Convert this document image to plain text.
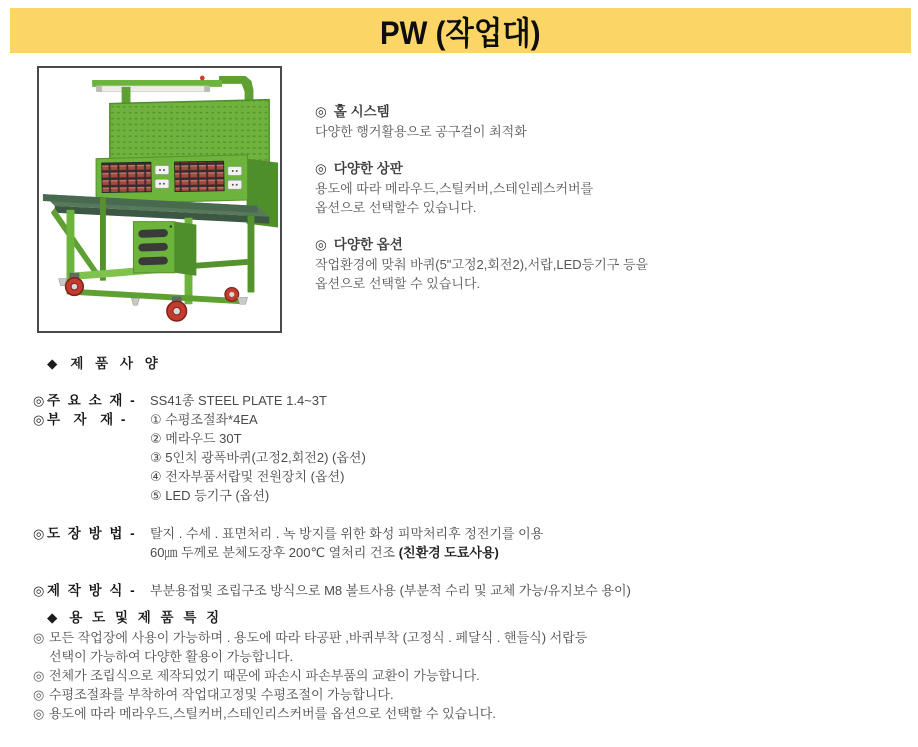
PW (작업대)
◎ 홀 시스템
다양한 행거활용으로 공구걸이 최적화
◎ 다양한 상판
용도에 따라 메라우드,스틸커버,스테인레스커버를
옵션으로 선택할수 있습니다.
◎ 다양한 옵션
작업환경에 맞춰 바퀴(5"고정2,회전2),서랍,LED등기구 등을
옵션으로 선택할 수 있습니다.
◆ 제 품 사 양
◎ 주 요 소 재 -	SS41종 STEEL PLATE 1.4~3T
◎ 부  자  재 -	① 수평조절좌*4EA
② 메라우드 30T
③ 5인치 광폭바퀴(고정2,회전2) (옵션)
④ 전자부품서랍및 전원장치 (옵션)
⑤ LED 등기구 (옵션)
◎ 도 장 방 법 -	탈지 . 수세 . 표면처리 . 녹 방지를 위한 화성 피막처리후 정전기를 이용
60㎛ 두께로 분체도장후 200℃ 열처리 건조 (친환경 도료사용)
◎ 제 작 방 식 -	부분용접및 조립구조 방식으로 M8 볼트사용 (부분적 수리 및 교체 가능/유지보수 용이)
◆ 용 도 및 제 품 특 징
◎ 모든 작업장에 사용이 가능하며 . 용도에 따라 타공판 ,바퀴부착 (고정식 . 페달식 . 핸들식) 서랍등
선택이 가능하여 다양한 활용이 가능합니다.
◎ 전체가 조립식으로 제작되었기 때문에 파손시 파손부품의 교환이 가능합니다.
◎ 수평조절좌를 부착하여 작업대고정및 수평조절이 가능합니다.
◎ 용도에 따라 메라우드,스틸커버,스테인리스커버를 옵션으로 선택할 수 있습니다.
